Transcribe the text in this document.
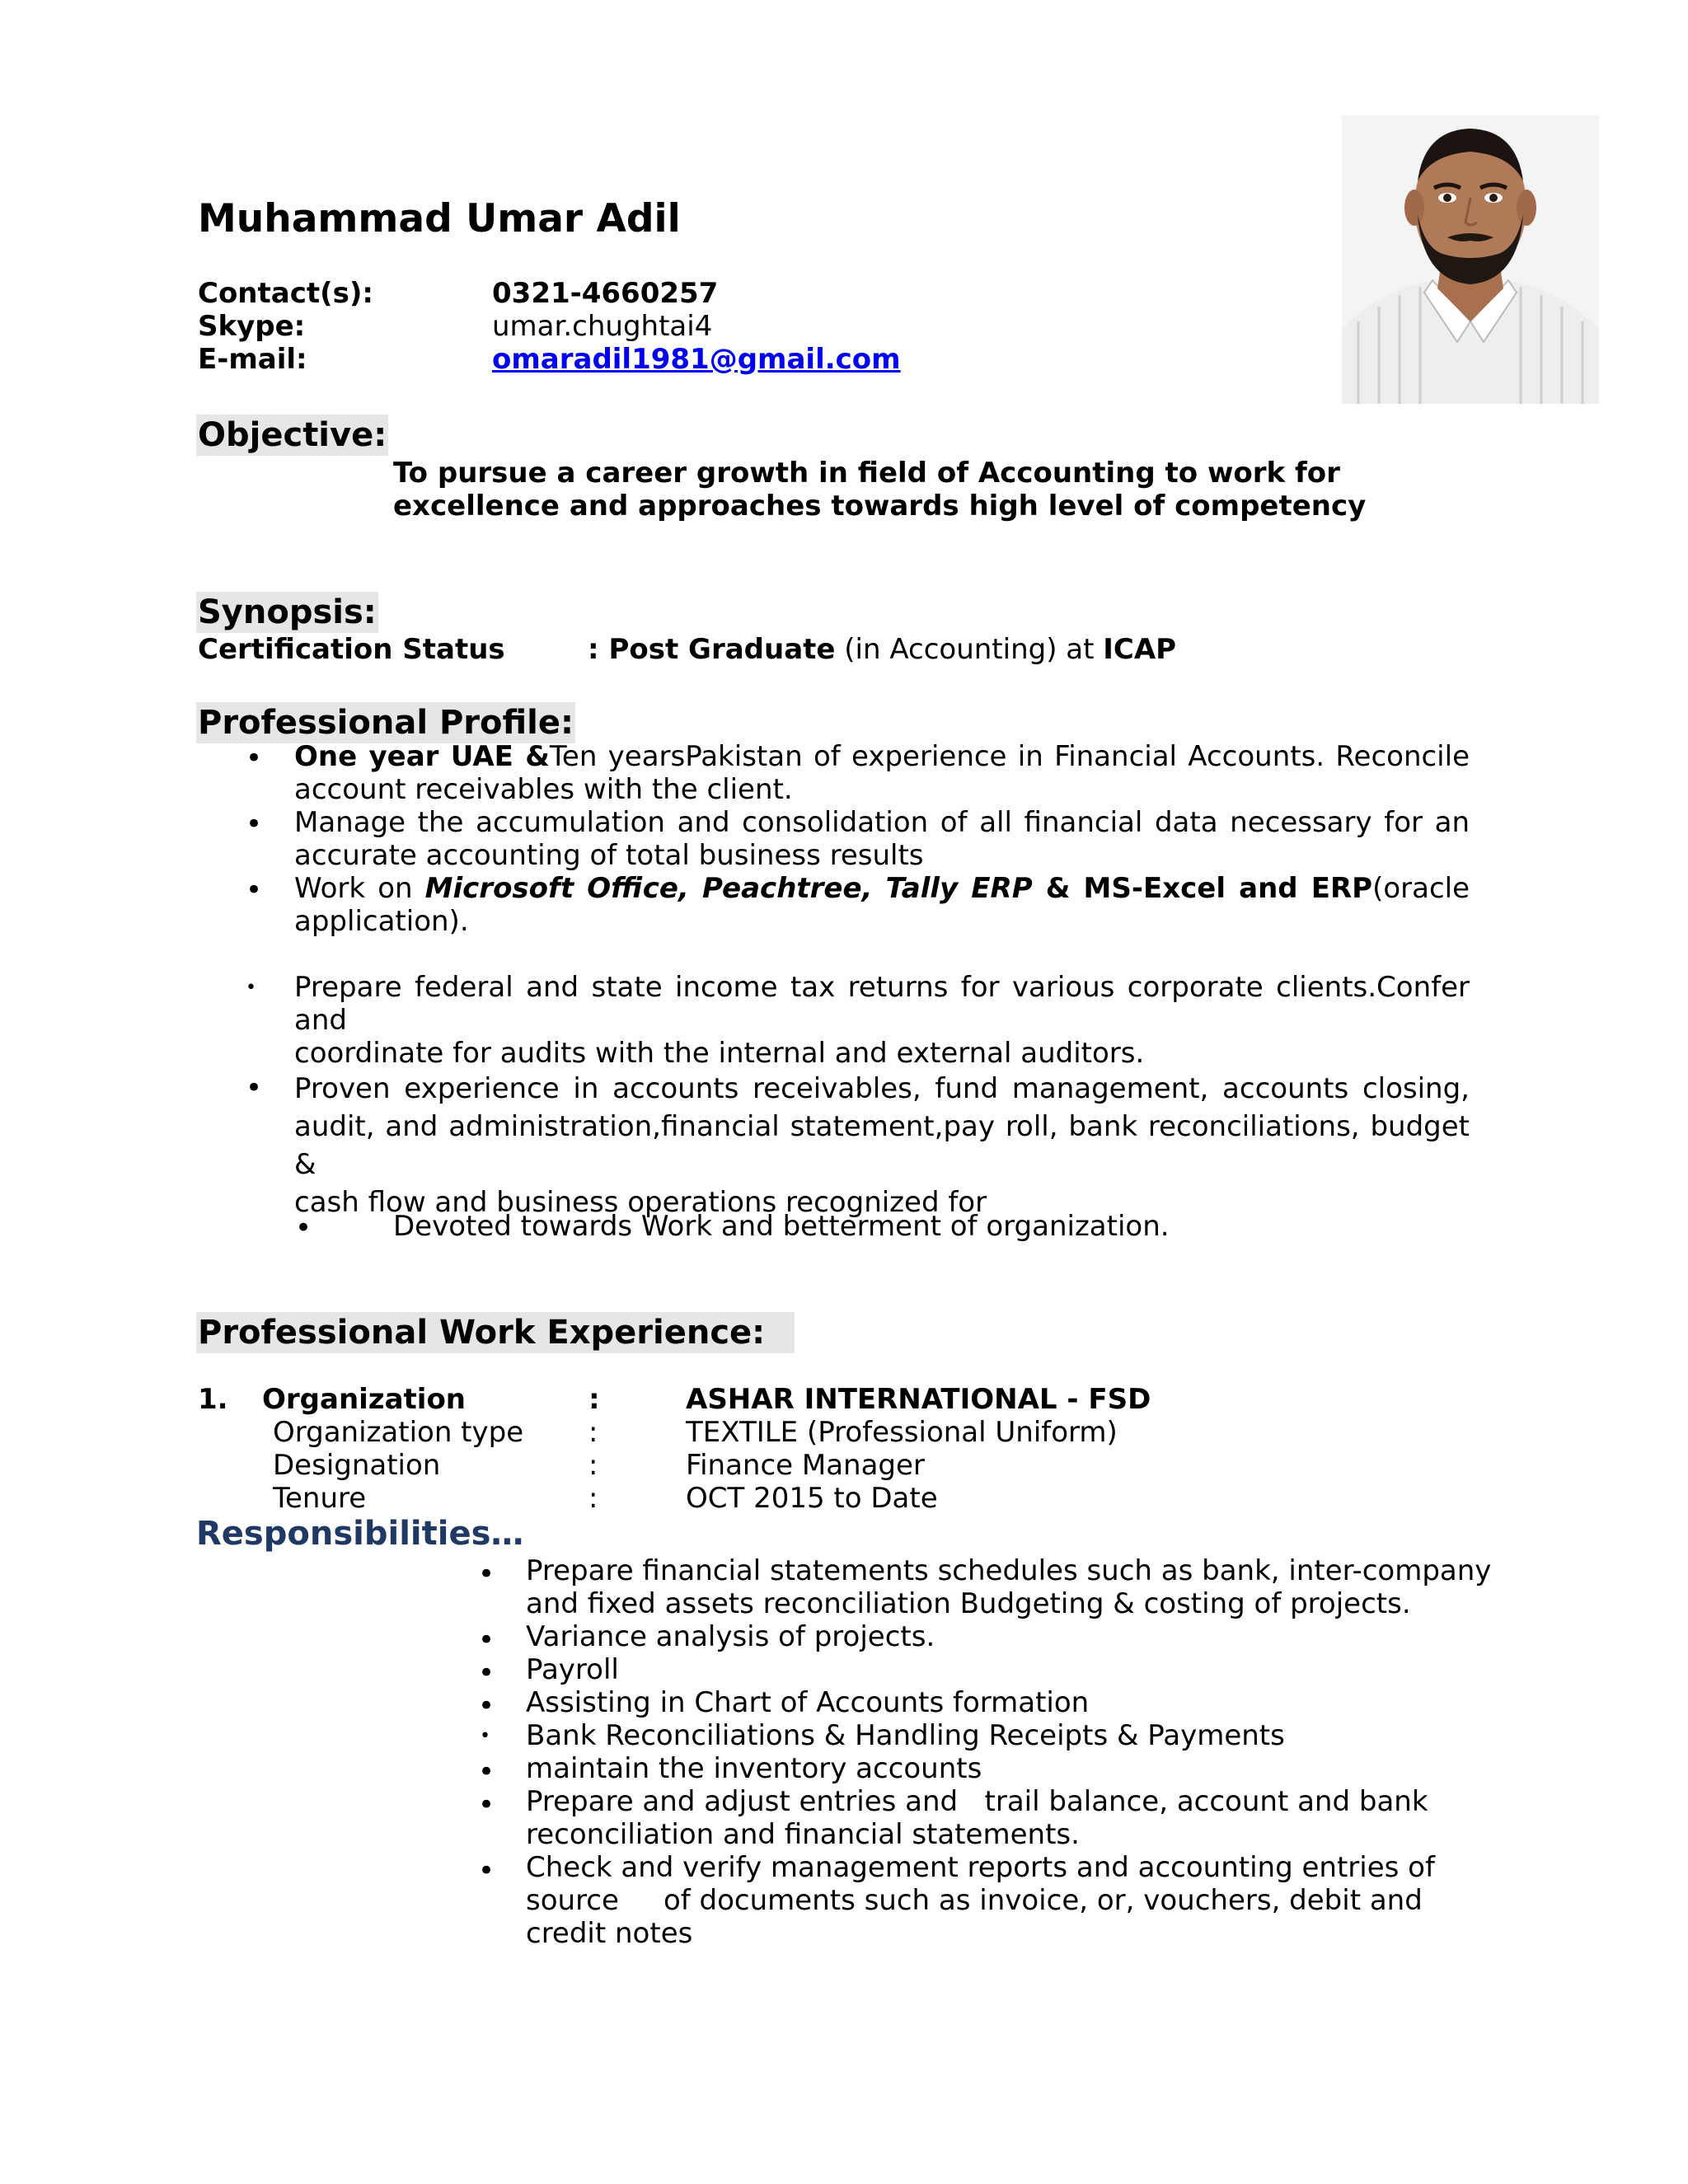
Muhammad Umar Adil
Contact(s):	0321-4660257
Skype:	umar.chughtai4
E-mail:	omaradil1981@gmail.com
Objective:
To pursue a career growth in field of Accounting to work for
excellence and approaches towards high level of competency
Synopsis:
Certification Status	: Post Graduate (in Accounting) at ICAP
Professional Profile:
• One year UAE &Ten yearsPakistan of experience in Financial Accounts. Reconcile
account receivables with the client.
• Manage the accumulation and consolidation of all financial data necessary for an
accurate accounting of total business results
• Work on Microsoft Office, Peachtree, Tally ERP & MS-Excel and ERP(oracle
application).
• Prepare federal and state income tax returns for various corporate clients.Confer and
coordinate for audits with the internal and external auditors.
• Proven experience in accounts receivables, fund management, accounts closing,
audit, and administration,financial statement,pay roll, bank reconciliations, budget &
cash flow and business operations recognized for
•	Devoted towards Work and betterment of organization.
Professional Work Experience:
1. Organization	:	ASHAR INTERNATIONAL - FSD
Organization type :	TEXTILE (Professional Uniform)
Designation	:	Finance Manager
Tenure	:	OCT 2015 to Date
Responsibilities…
• Prepare financial statements schedules such as bank, inter-company
and fixed assets reconciliation Budgeting & costing of projects.
• Variance analysis of projects.
• Payroll
• Assisting in Chart of Accounts formation
• Bank Reconciliations & Handling Receipts & Payments
• maintain the inventory accounts
• Prepare and adjust entries and   trail balance, account and bank
reconciliation and financial statements.
• Check and verify management reports and accounting entries of
source     of documents such as invoice, or, vouchers, debit and
credit notes
